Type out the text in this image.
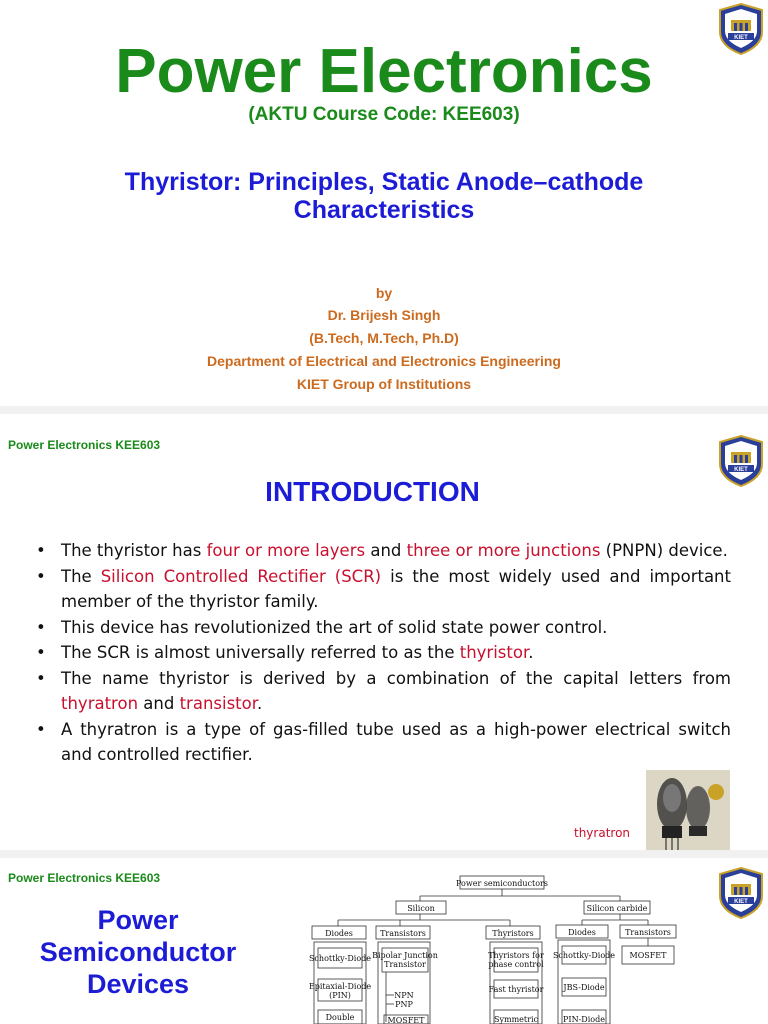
KIET
Power Electronics
(AKTU Course Code: KEE603)
Thyristor: Principles, Static Anode–cathode
Characteristics
by
Dr. Brijesh Singh
(B.Tech, M.Tech, Ph.D)
Department of Electrical and Electronics Engineering
KIET Group of Institutions
Power Electronics KEE603
KIET
INTRODUCTION
• The thyristor has four or more layers and three or more junctions (PNPN) device.
• The Silicon Controlled Rectifier (SCR) is the most widely used and important member of the thyristor family.
• This device has revolutionized the art of solid state power control.
• The SCR is almost universally referred to as the thyristor.
• The name thyristor is derived by a combination of the capital letters from thyratron and transistor.
• A thyratron is a type of gas-filled tube used as a high-power electrical switch and controlled rectifier.
thyratron
Power Electronics KEE603
KIET
Power
Semiconductor
Devices
Power semiconductors
Silicon	Silicon carbide
Diodes	Transistors	Thyristors	Diodes	Transistors
Schottky-Diode
Epitaxial-Diode
(PIN)
Double
Bipolar Junction
Transistor
NPN
PNP
MOSFET
Thyristors for
phase control
Fast thyristor
Symmetric
Schottky-Diode
JBS-Diode
PIN-Diode
MOSFET
